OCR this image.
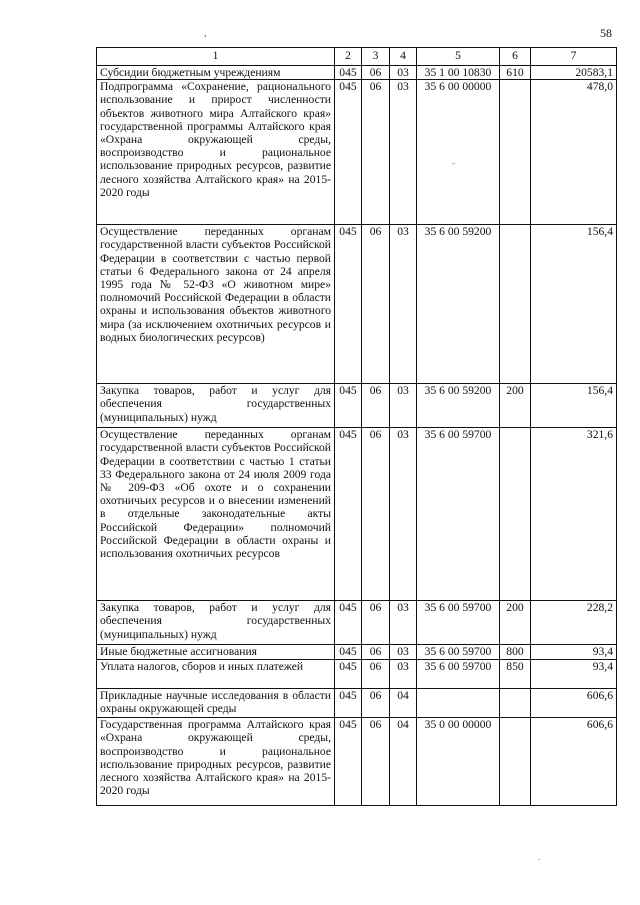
58
,
-
.
1	2	3	4	5	6	7
Субсидии бюджетным учреждениям	045	06	03	35 1 00 10830	610	20583,1
Подпрограмма «Сохранение, рационального использование и прирост численности объектов животного мира Алтайского края» государственной программы Алтайского края «Охрана окружающей среды, воспроизводство и рациональное использование природных ресурсов, развитие лесного хозяйства Алтайского края» на 2015-2020 годы	045	06	03	35 6 00 00000		478,0
Осуществление переданных органам государственной власти субъектов Российской Федерации в соответствии с частью первой статьи 6 Федерального закона от 24 апреля 1995 года № 52-ФЗ «О животном мире» полномочий Российской Федерации в области охраны и использования объектов животного мира (за исключением охотничьих ресурсов и водных биологических ресурсов)	045	06	03	35 6 00 59200		156,4
Закупка товаров, работ и услуг для обеспечения государственных (муниципальных) нужд	045	06	03	35 6 00 59200	200	156,4
Осуществление переданных органам государственной власти субъектов Российской Федерации в соответствии с частью 1 статьи 33 Федерального закона от 24 июля 2009 года № 209-ФЗ «Об охоте и о сохранении охотничьих ресурсов и о внесении изменений в отдельные законодательные акты Российской Федерации» полномочий Российской Федерации в области охраны и использования охотничьих ресурсов	045	06	03	35 6 00 59700		321,6
Закупка товаров, работ и услуг для обеспечения государственных (муниципальных) нужд	045	06	03	35 6 00 59700	200	228,2
Иные бюджетные ассигнования	045	06	03	35 6 00 59700	800	93,4
Уплата налогов, сборов и иных платежей	045	06	03	35 6 00 59700	850	93,4
Прикладные научные исследования в области охраны окружающей среды	045	06	04			606,6
Государственная программа Алтайского края «Охрана окружающей среды, воспроизводство и рациональное использование природных ресурсов, развитие лесного хозяйства Алтайского края» на 2015-2020 годы	045	06	04	35 0 00 00000		606,6
